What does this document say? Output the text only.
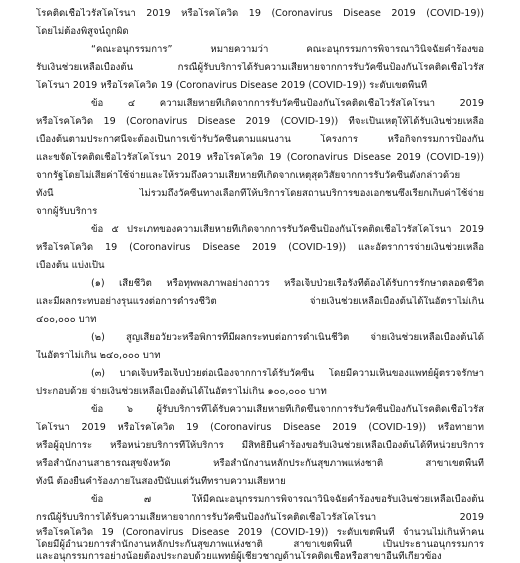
โรคติดเชื้อไวรัสโคโรนา 2019 หรือโรคโควิด 19 (Coronavirus Disease 2019 (COVID-19))
โดยไม่ต้องพิสูจน์ถูกผิด
“คณะอนุกรรมการ” หมายความว่า คณะอนุกรรมการพิจารณาวินิจฉัยคำร้องขอ
รับเงินช่วยเหลือเบื้องต้น กรณีผู้รับบริการได้รับความเสียหายจากการรับวัคซีนป้องกันโรคติดเชื้อไวรัส
โคโรนา 2019 หรือโรคโควิด 19 (Coronavirus Disease 2019 (COVID-19)) ระดับเขตพื้นที่
ข้อ ๔ ความเสียหายที่เกิดจากการรับวัคซีนป้องกันโรคติดเชื้อไวรัสโคโรนา 2019
หรือโรคโควิด 19 (Coronavirus Disease 2019 (COVID-19)) ที่จะเป็นเหตุให้ได้รับเงินช่วยเหลือ
เบื้องต้นตามประกาศนี้จะต้องเป็นการเข้ารับวัคซีนตามแผนงาน โครงการ หรือกิจกรรมการป้องกัน
และขจัดโรคติดเชื้อไวรัสโคโรนา 2019 หรือโรคโควิด 19 (Coronavirus Disease 2019 (COVID-19))
จากรัฐโดยไม่เสียค่าใช้จ่ายและให้รวมถึงความเสียหายที่เกิดจากเหตุสุดวิสัยจากการรับวัคซีนดังกล่าวด้วย
ทั้งนี้ ไม่รวมถึงวัคซีนทางเลือกที่ให้บริการโดยสถานบริการของเอกชนซึ่งเรียกเก็บค่าใช้จ่าย
จากผู้รับบริการ
ข้อ ๕ ประเภทของความเสียหายที่เกิดจากการรับวัคซีนป้องกันโรคติดเชื้อไวรัสโคโรนา 2019
หรือโรคโควิด 19 (Coronavirus Disease 2019 (COVID-19)) และอัตราการจ่ายเงินช่วยเหลือ
เบื้องต้น แบ่งเป็น
(๑) เสียชีวิต หรือทุพพลภาพอย่างถาวร หรือเจ็บป่วยเรื้อรังที่ต้องได้รับการรักษาตลอดชีวิต
และมีผลกระทบอย่างรุนแรงต่อการดำรงชีวิต จ่ายเงินช่วยเหลือเบื้องต้นได้ในอัตราไม่เกิน
๔๐๐,๐๐๐ บาท
(๒) สูญเสียอวัยวะหรือพิการที่มีผลกระทบต่อการดำเนินชีวิต จ่ายเงินช่วยเหลือเบื้องต้นได้
ในอัตราไม่เกิน ๒๔๐,๐๐๐ บาท
(๓) บาดเจ็บหรือเจ็บป่วยต่อเนื่องจากการได้รับวัคซีน โดยมีความเห็นของแพทย์ผู้ตรวจรักษา
ประกอบด้วย จ่ายเงินช่วยเหลือเบื้องต้นได้ในอัตราไม่เกิน ๑๐๐,๐๐๐ บาท
ข้อ ๖ ผู้รับบริการที่ได้รับความเสียหายที่เกิดขึ้นจากการรับวัคซีนป้องกันโรคติดเชื้อไวรัส
โคโรนา 2019 หรือโรคโควิด 19 (Coronavirus Disease 2019 (COVID-19)) หรือทายาท
หรือผู้อุปการะ หรือหน่วยบริการที่ให้บริการ มีสิทธิยื่นคำร้องขอรับเงินช่วยเหลือเบื้องต้นได้ที่หน่วยบริการ
หรือสำนักงานสาธารณสุขจังหวัด หรือสำนักงานหลักประกันสุขภาพแห่งชาติ สาขาเขตพื้นที่
ทั้งนี้ ต้องยื่นคำร้องภายในสองปีนับแต่วันที่ทราบความเสียหาย
ข้อ ๗ ให้มีคณะอนุกรรมการพิจารณาวินิจฉัยคำร้องขอรับเงินช่วยเหลือเบื้องต้น
กรณีผู้รับบริการได้รับความเสียหายจากการรับวัคซีนป้องกันโรคติดเชื้อไวรัสโคโรนา 2019
หรือโรคโควิด 19 (Coronavirus Disease 2019 (COVID-19)) ระดับเขตพื้นที่ จำนวนไม่เกินห้าคน
โดยมีผู้อำนวยการสำนักงานหลักประกันสุขภาพแห่งชาติ สาขาเขตพื้นที่ เป็นประธานอนุกรรมการ
และอนุกรรมการอย่างน้อยต้องประกอบด้วยแพทย์ผู้เชี่ยวชาญด้านโรคติดเชื้อหรือสาขาอื่นที่เกี่ยวข้อง
